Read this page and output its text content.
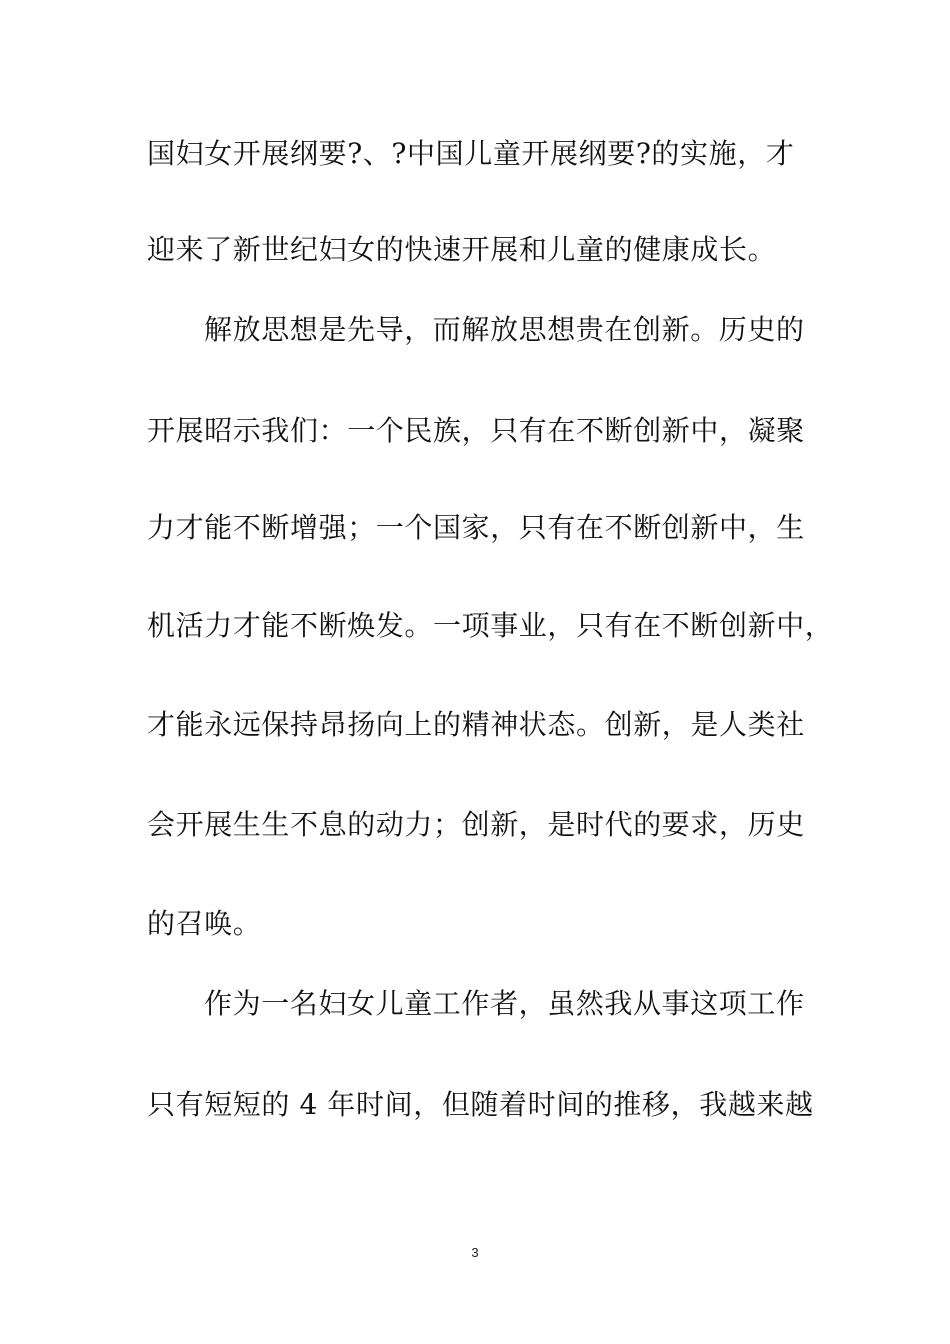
国妇女开展纲要?、?中国儿童开展纲要?的实施，才
迎来了新世纪妇女的快速开展和儿童的健康成长。
解放思想是先导，而解放思想贵在创新。历史的
开展昭示我们：一个民族，只有在不断创新中，凝聚
力才能不断增强；一个国家，只有在不断创新中，生
机活力才能不断焕发。一项事业，只有在不断创新中，
才能永远保持昂扬向上的精神状态。创新，是人类社
会开展生生不息的动力；创新，是时代的要求，历史
的召唤。
作为一名妇女儿童工作者，虽然我从事这项工作
只有短短的 4 年时间，但随着时间的推移，我越来越
3
